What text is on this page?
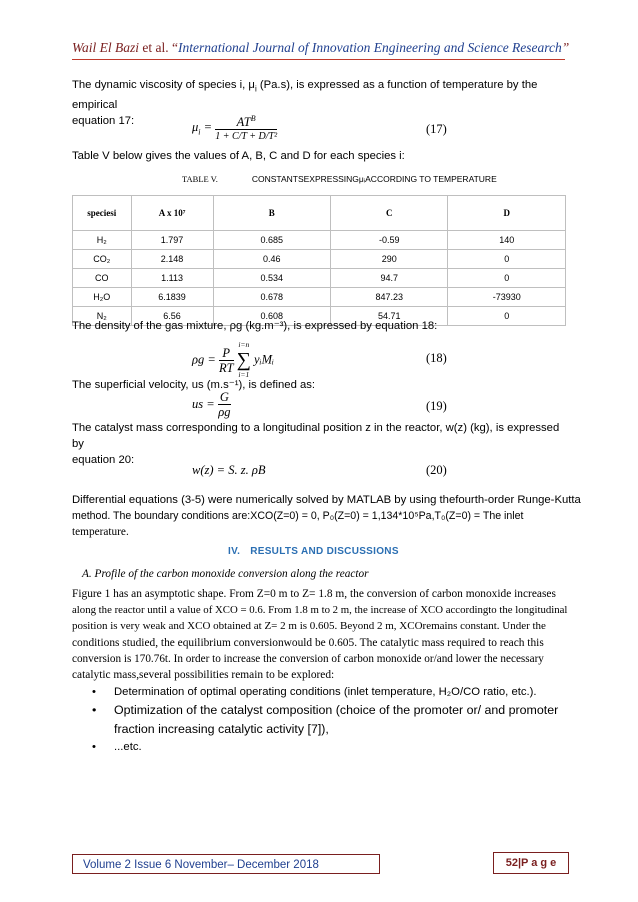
Wail El Bazi et al. “International Journal of Innovation Engineering and Science Research”
The dynamic viscosity of species i, $\mu_i$ (Pa.s), is expressed as a function of temperature by the empirical
equation 17:	$\mu_i = \frac{AT^B}{\text{1 + C/T + D/T²}}$	(17)
Table V below gives the values of A, B, C and D for each species i:
TABLE V.	CONSTANTSEXPRESSINGμᵢACCORDING TO TEMPERATURE
speciesi	A x 10⁷	B	C	D
H₂	1.797	0.685	-0.59	140
CO₂	2.148	0.46	290	0
CO	1.113	0.534	94.7	0
H₂O	6.1839	0.678	847.23	-73930
N₂	6.56	0.608	54.71	0
The density of the gas mixture, ρg (kg.m⁻³), is expressed by equation 18:
$\rho g = \frac{P}{RT}$

i=n
∑
i=1
yᵢMᵢ	(18)
The superficial velocity, us (m.s⁻¹), is defined as:
us = $\frac{G}{\rho g}$	(19)
The catalyst mass corresponding to a longitudinal position z in the reactor, w(z) (kg), is expressed by
equation 20:
w(z) = S. z. ρB	(20)
Differential equations (3-5) were numerically solved by MATLAB by using thefourth-order Runge-Kutta
method. The boundary conditions are:XCO(Z=0) = 0, P₀(Z=0) = 1,134*10⁵Pa,T₀(Z=0) = The inlet
temperature.
IV. RESULTS AND DISCUSSIONS
A. Profile of the carbon monoxide conversion along the reactor
Figure 1 has an asymptotic shape. From Z=0 m to Z= 1.8 m, the conversion of carbon monoxide increases
along the reactor until a value of XCO = 0.6. From 1.8 m to 2 m, the increase of XCO accordingto the longitudinal
position is very weak and XCO obtained at Z= 2 m is 0.605. Beyond 2 m, XCOremains constant. Under the
conditions studied, the equilibrium conversionwould be 0.605. The catalytic mass required to reach this
conversion is 170.76t. In order to increase the conversion of carbon monoxide or/and lower the necessary
catalytic mass,several possibilities remain to be explored:
• Determination of optimal operating conditions (inlet temperature, H₂O/CO ratio, etc.).
• Optimization of the catalyst composition (choice of the promoter or/ and promoter
fraction increasing catalytic activity [7]),
• ...etc.
Volume 2 Issue 6 November– December 2018	52|P a g e
